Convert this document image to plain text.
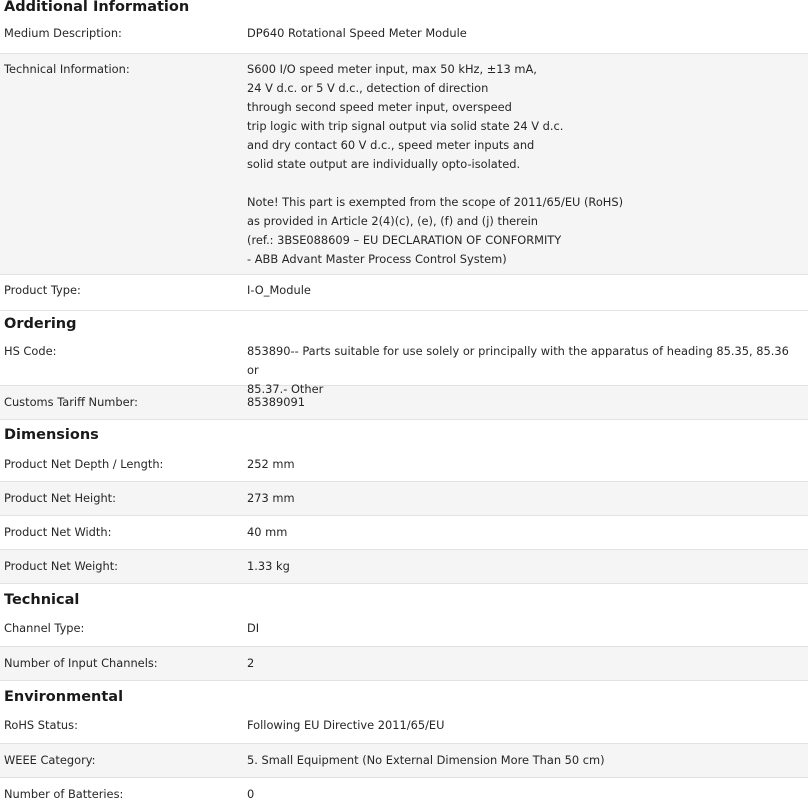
Additional Information
Medium Description:	DP640 Rotational Speed Meter Module
Technical Information:	S600 I/O speed meter input, max 50 kHz, ±13 mA,
24 V d.c. or 5 V d.c., detection of direction
through second speed meter input, overspeed
trip logic with trip signal output via solid state 24 V d.c.
and dry contact 60 V d.c., speed meter inputs and
solid state output are individually opto-isolated.

Note! This part is exempted from the scope of 2011/65/EU (RoHS)
as provided in Article 2(4)(c), (e), (f) and (j) therein
(ref.: 3BSE088609 – EU DECLARATION OF CONFORMITY
- ABB Advant Master Process Control System)
Product Type:	I-O_Module
Ordering
HS Code:	853890-- Parts suitable for use solely or principally with the apparatus of heading 85.35, 85.36 or
85.37.- Other
Customs Tariff Number:	85389091
Dimensions
Product Net Depth / Length:	252 mm
Product Net Height:	273 mm
Product Net Width:	40 mm
Product Net Weight:	1.33 kg
Technical
Channel Type:	DI
Number of Input Channels:	2
Environmental
RoHS Status:	Following EU Directive 2011/65/EU
WEEE Category:	5. Small Equipment (No External Dimension More Than 50 cm)
Number of Batteries:	0
